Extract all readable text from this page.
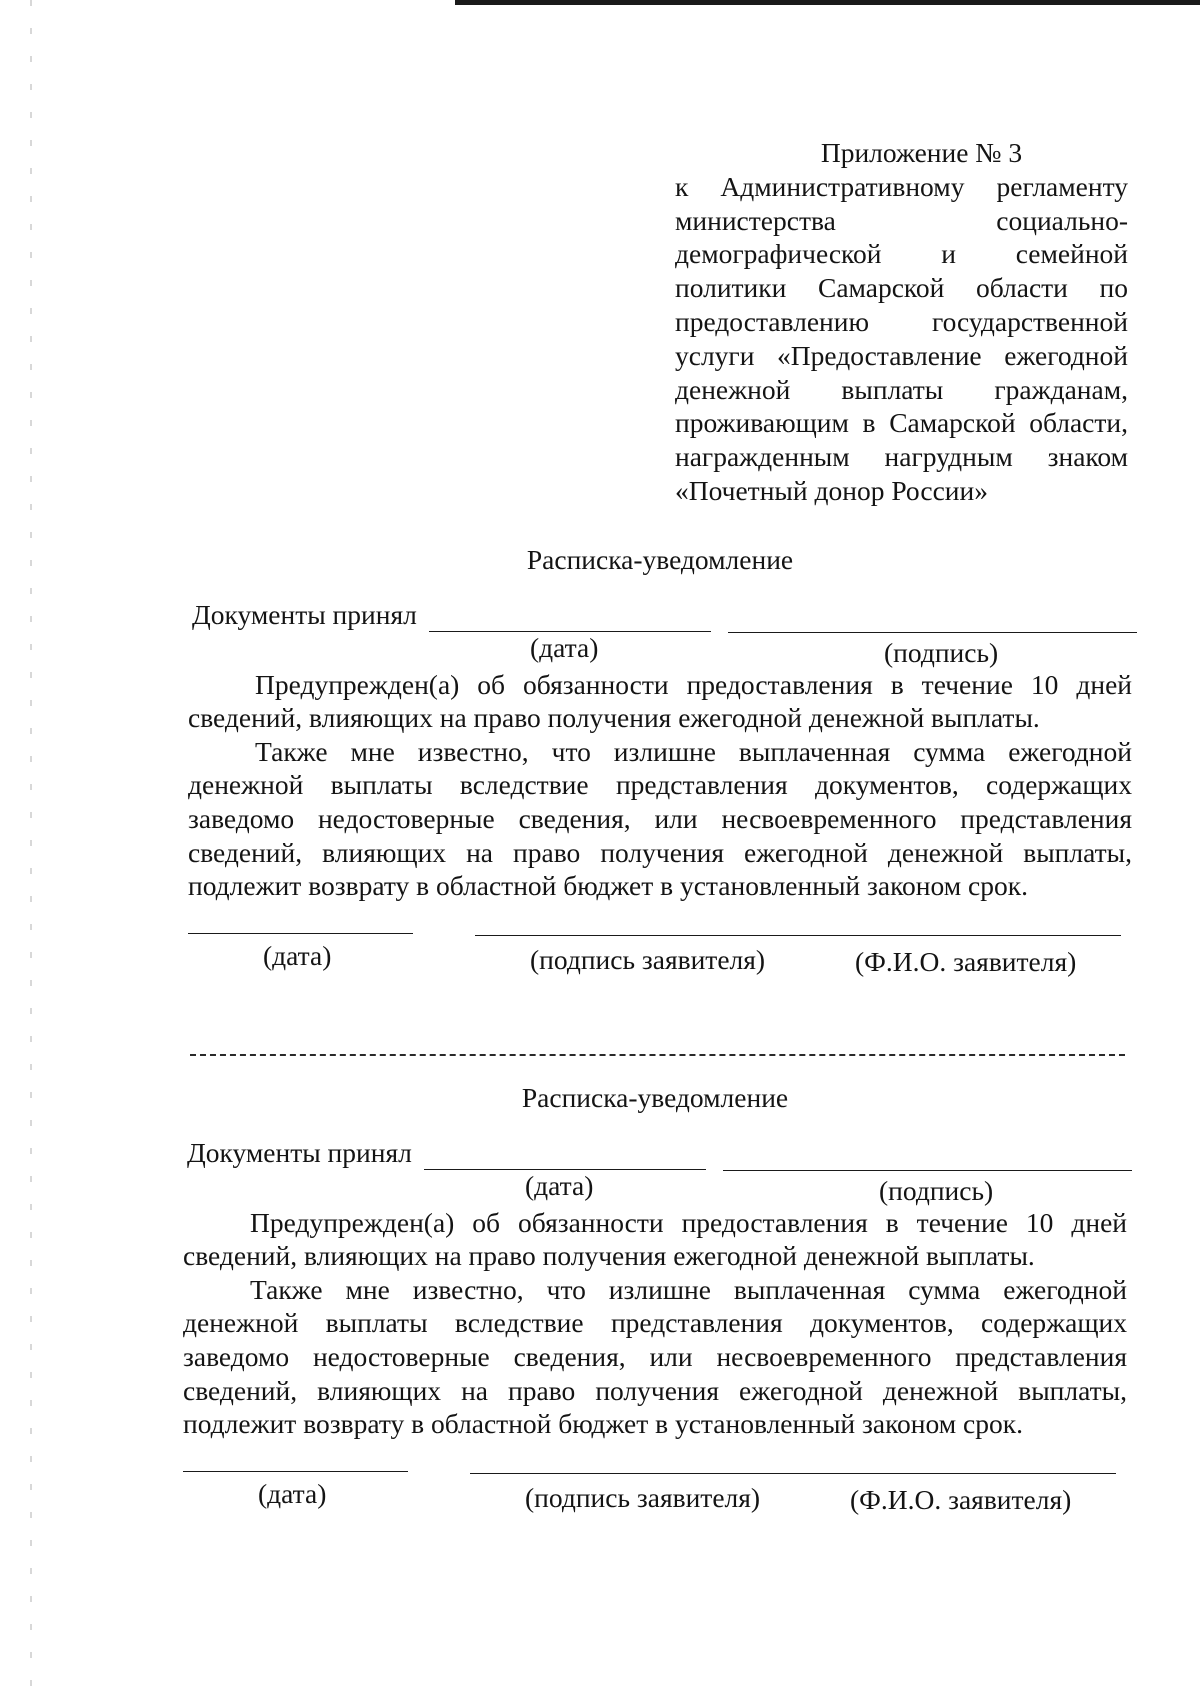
Приложение № 3
к Административному регламенту министерства социально-демографической и семейной политики Самарской области по предоставлению государственной услуги «Предоставление ежегодной денежной выплаты гражданам, проживающим в Самарской области, награжденным нагрудным знаком «Почетный донор России»
Расписка-уведомление
Документы принял
(дата)	(подпись)

Предупрежден(а) об обязанности предоставления в течение 10 дней сведений, влияющих на право получения ежегодной денежной выплаты.

Также мне известно, что излишне выплаченная сумма ежегодной денежной выплаты вследствие представления документов, содержащих заведомо недостоверные сведения, или несвоевременного представления сведений, влияющих на право получения ежегодной денежной выплаты, подлежит возврату в областной бюджет в установленный законом срок.

(дата)	(подпись заявителя)	(Ф.И.О. заявителя)
Расписка-уведомление
Документы принял
(дата)	(подпись)

Предупрежден(а) об обязанности предоставления в течение 10 дней сведений, влияющих на право получения ежегодной денежной выплаты.

Также мне известно, что излишне выплаченная сумма ежегодной денежной выплаты вследствие представления документов, содержащих заведомо недостоверные сведения, или несвоевременного представления сведений, влияющих на право получения ежегодной денежной выплаты, подлежит возврату в областной бюджет в установленный законом срок.

(дата)	(подпись заявителя)	(Ф.И.О. заявителя)
